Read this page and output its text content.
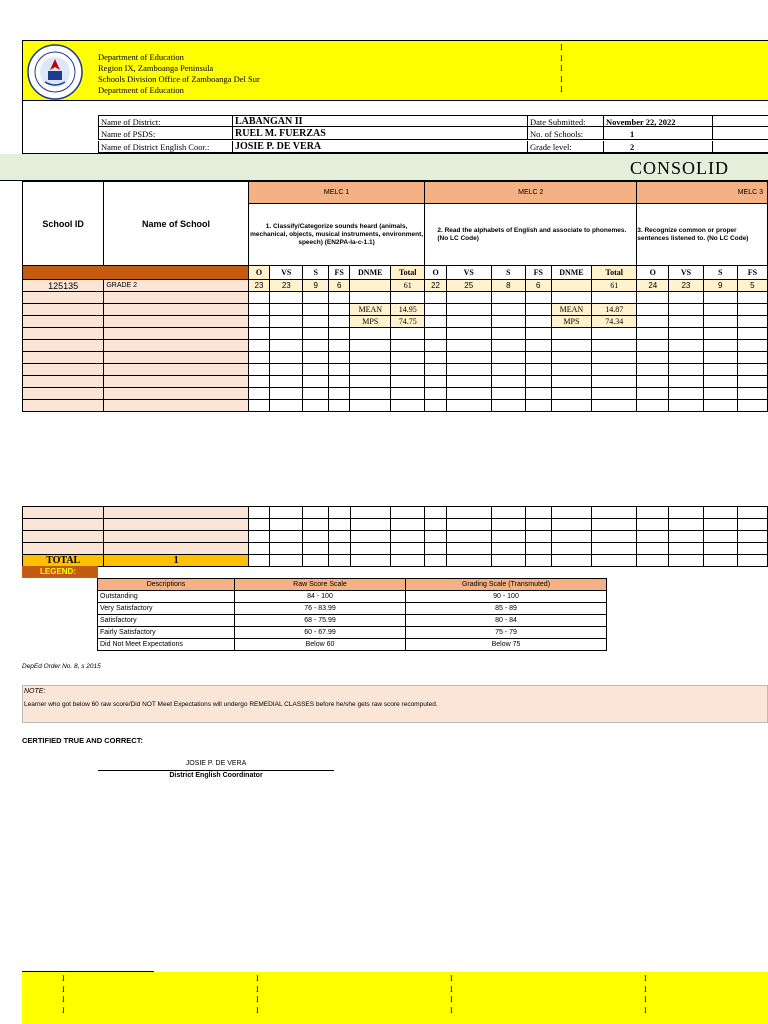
Department of Education
Region IX, Zamboanga Peninsula
Schools Division Office of Zamboanga Del Sur
Department of Education
I
I
I
I
I
Name of District:	LABANGAN II	Date Submitted:	November 22, 2022
Name of PSDS:	RUEL M. FUERZAS	No. of Schools:	1
Name of District English Coor.:	JOSIE P. DE VERA	Grade level:	2
CONSOLID
School ID	Name of School	MELC 1						MELC 2						MELC 3			
		1. Classify/Categorize sounds heard (animals, mechanical, objects, musical instruments, environment, speech) (EN2PA-Ia-c-1.1)						2. Read the alphabets of English and associate to phonemes. (No LC Code)						3. Recognize common or proper sentences listened to. (No LC Code)			
		O	VS	S	FS	DNME	Total	O	VS	S	FS	DNME	Total	O	VS	S	FS
125135	GRADE 2	23	23	9	6		61	22	25	8	6		61	24	23	9	5

						MEAN	14.95					MEAN	14.87				
						MPS	74.75					MPS	74.34				

TOTAL	1																
LEGEND:
Descriptions	Raw Score Scale	Grading Scale (Transmuted)
Outstanding	84 - 100	90 - 100
Very Satisfactory	76 - 83.99	85 - 89
Satisfactory	68 - 75.99	80 - 84
Fairly Satisfactory	60 - 67.99	75 - 79
Did Not Meet Expectations	Below 60	Below 75
DepEd Order No. 8, s 2015
NOTE:
Learner who got below 60 raw score/Did NOT Meet Expectations will undergo REMEDIAL CLASSES before he/she gets raw score recomputed.
CERTIFIED TRUE AND CORRECT:
JOSIE P. DE VERA
District English Coordinator
I
I
I
I
I
I
I
I
I
I
I
I
I
I
I
I
